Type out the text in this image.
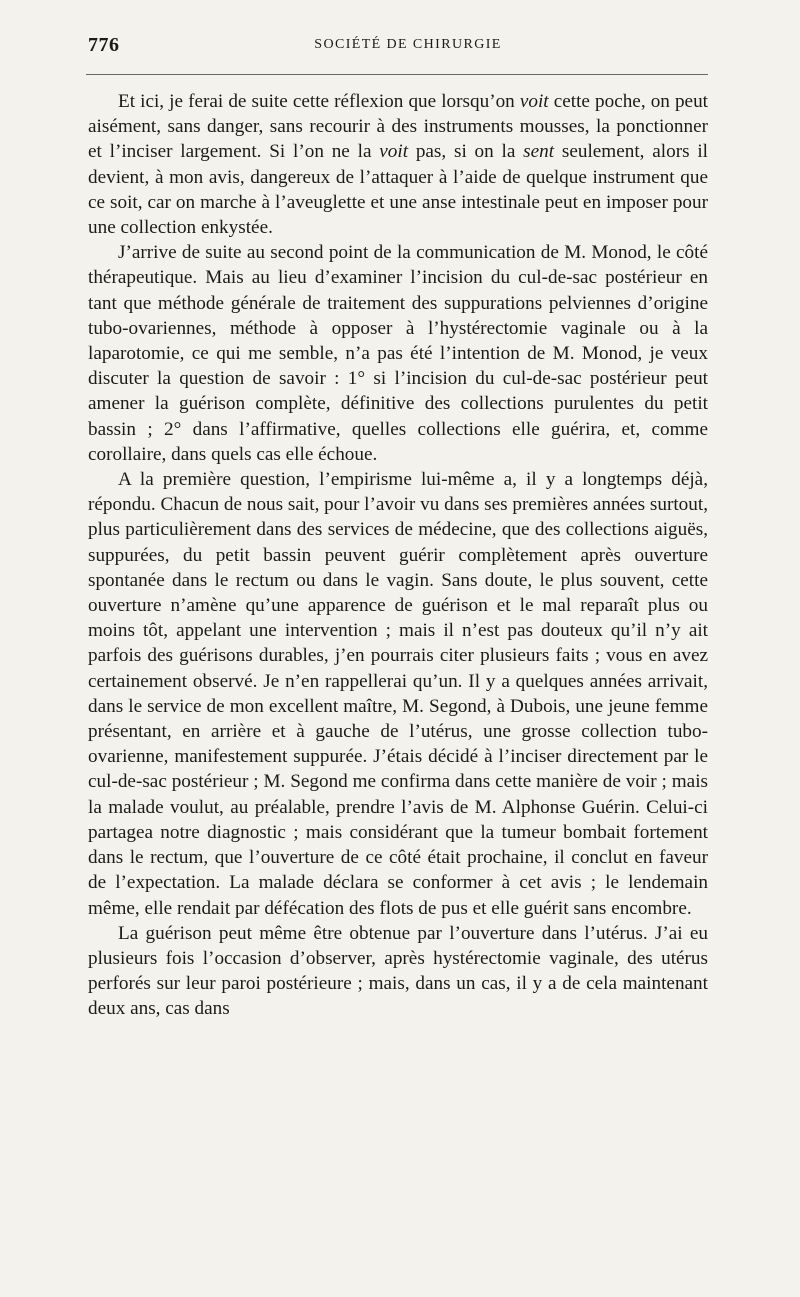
776	SOCIÉTÉ DE CHIRURGIE

Et ici, je ferai de suite cette réflexion que lorsqu’on voit cette poche, on peut aisément, sans danger, sans recourir à des instruments mousses, la ponctionner et l’inciser largement. Si l’on ne la voit pas, si on la sent seulement, alors il devient, à mon avis, dangereux de l’attaquer à l’aide de quelque instrument que ce soit, car on marche à l’aveuglette et une anse intestinale peut en imposer pour une collection enkystée.

J’arrive de suite au second point de la communication de M. Monod, le côté thérapeutique. Mais au lieu d’examiner l’incision du cul-de-sac postérieur en tant que méthode générale de traitement des suppurations pelviennes d’origine tubo-ovariennes, méthode à opposer à l’hystérectomie vaginale ou à la laparotomie, ce qui me semble, n’a pas été l’intention de M. Monod, je veux discuter la question de savoir : 1° si l’incision du cul-de-sac postérieur peut amener la guérison complète, définitive des collections purulentes du petit bassin ; 2° dans l’affirmative, quelles collections elle guérira, et, comme corollaire, dans quels cas elle échoue.

A la première question, l’empirisme lui-même a, il y a longtemps déjà, répondu. Chacun de nous sait, pour l’avoir vu dans ses premières années surtout, plus particulièrement dans des services de médecine, que des collections aiguës, suppurées, du petit bassin peuvent guérir complètement après ouverture spontanée dans le rectum ou dans le vagin. Sans doute, le plus souvent, cette ouverture n’amène qu’une apparence de guérison et le mal reparaît plus ou moins tôt, appelant une intervention ; mais il n’est pas douteux qu’il n’y ait parfois des guérisons durables, j’en pourrais citer plusieurs faits ; vous en avez certainement observé. Je n’en rappellerai qu’un. Il y a quelques années arrivait, dans le service de mon excellent maître, M. Segond, à Dubois, une jeune femme présentant, en arrière et à gauche de l’utérus, une grosse collection tubo-ovarienne, manifestement suppurée. J’étais décidé à l’inciser directement par le cul-de-sac postérieur ; M. Segond me confirma dans cette manière de voir ; mais la malade voulut, au préalable, prendre l’avis de M. Alphonse Guérin. Celui-ci partagea notre diagnostic ; mais considérant que la tumeur bombait fortement dans le rectum, que l’ouverture de ce côté était prochaine, il conclut en faveur de l’expectation. La malade déclara se conformer à cet avis ; le lendemain même, elle rendait par défécation des flots de pus et elle guérit sans encombre.

La guérison peut même être obtenue par l’ouverture dans l’utérus. J’ai eu plusieurs fois l’occasion d’observer, après hystérectomie vaginale, des utérus perforés sur leur paroi postérieure ; mais, dans un cas, il y a de cela maintenant deux ans, cas dans
